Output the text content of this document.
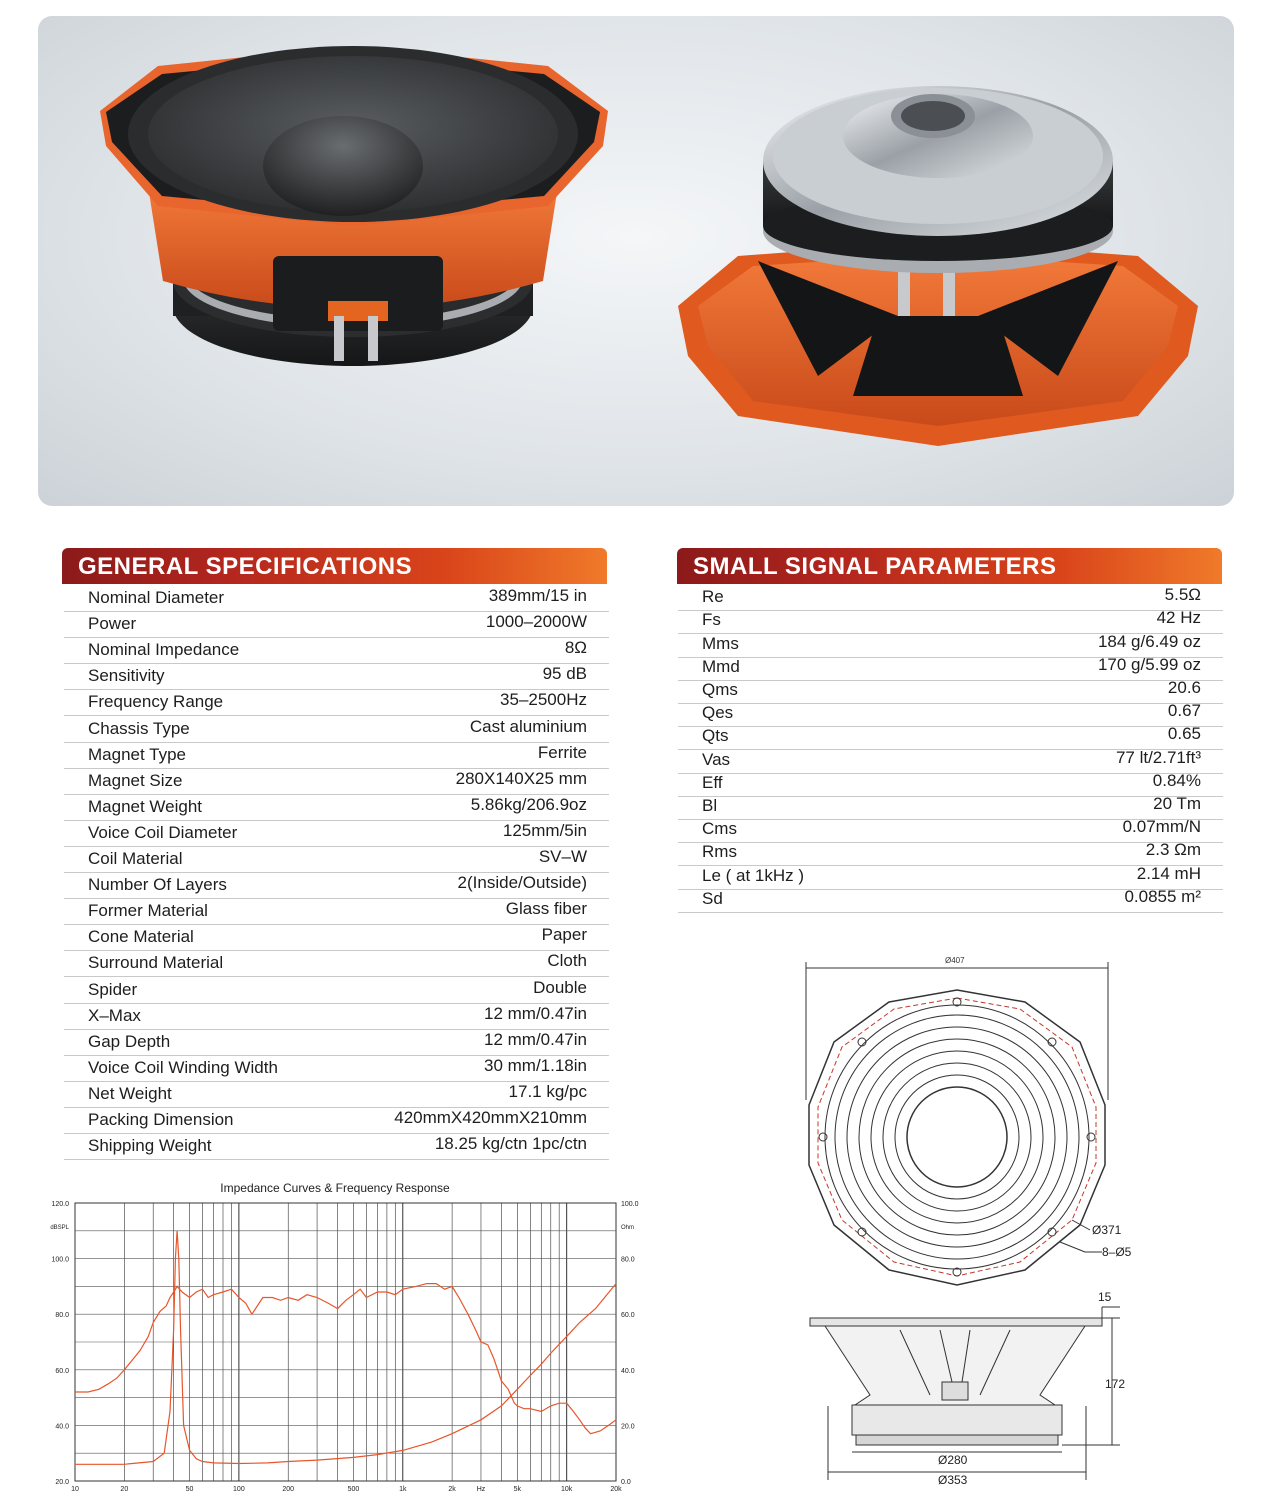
GENERAL SPECIFICATIONS
Nominal Diameter	389mm/15 in
Power	1000–2000W
Nominal Impedance	8Ω
Sensitivity	95 dB
Frequency Range	35–2500Hz
Chassis Type	Cast aluminium
Magnet Type	Ferrite
Magnet Size	280X140X25 mm
Magnet Weight	5.86kg/206.9oz
Voice Coil Diameter	125mm/5in
Coil Material	SV–W
Number Of Layers	2(Inside/Outside)
Former Material	Glass fiber
Cone Material	Paper
Surround Material	Cloth
Spider	Double
X–Max	12 mm/0.47in
Gap Depth	12 mm/0.47in
Voice Coil Winding Width	30 mm/1.18in
Net Weight	17.1 kg/pc
Packing Dimension	420mmX420mmX210mm
Shipping Weight	18.25 kg/ctn 1pc/ctn
SMALL SIGNAL PARAMETERS
Re	5.5Ω
Fs	42 Hz
Mms	184 g/6.49 oz
Mmd	170 g/5.99 oz
Qms	20.6
Qes	0.67
Qts	0.65
Vas	77 lt/2.71ft³
Eff	0.84%
Bl	20 Tm
Cms	0.07mm/N
Rms	2.3 Ωm
Le ( at 1kHz )	2.14 mH
Sd	0.0855 m²
Ø407
Ø371
8–Ø5
15
172
Ø280
Ø353
Impedance Curves & Frequency Response
120.0
100.0
80.0
60.0
40.0
20.0
dBSPL
100.0
80.0
60.0
40.0
20.0
0.0
Ohm
10	20	50	100	200	500	1k	2k	Hz	5k	10k	20k
